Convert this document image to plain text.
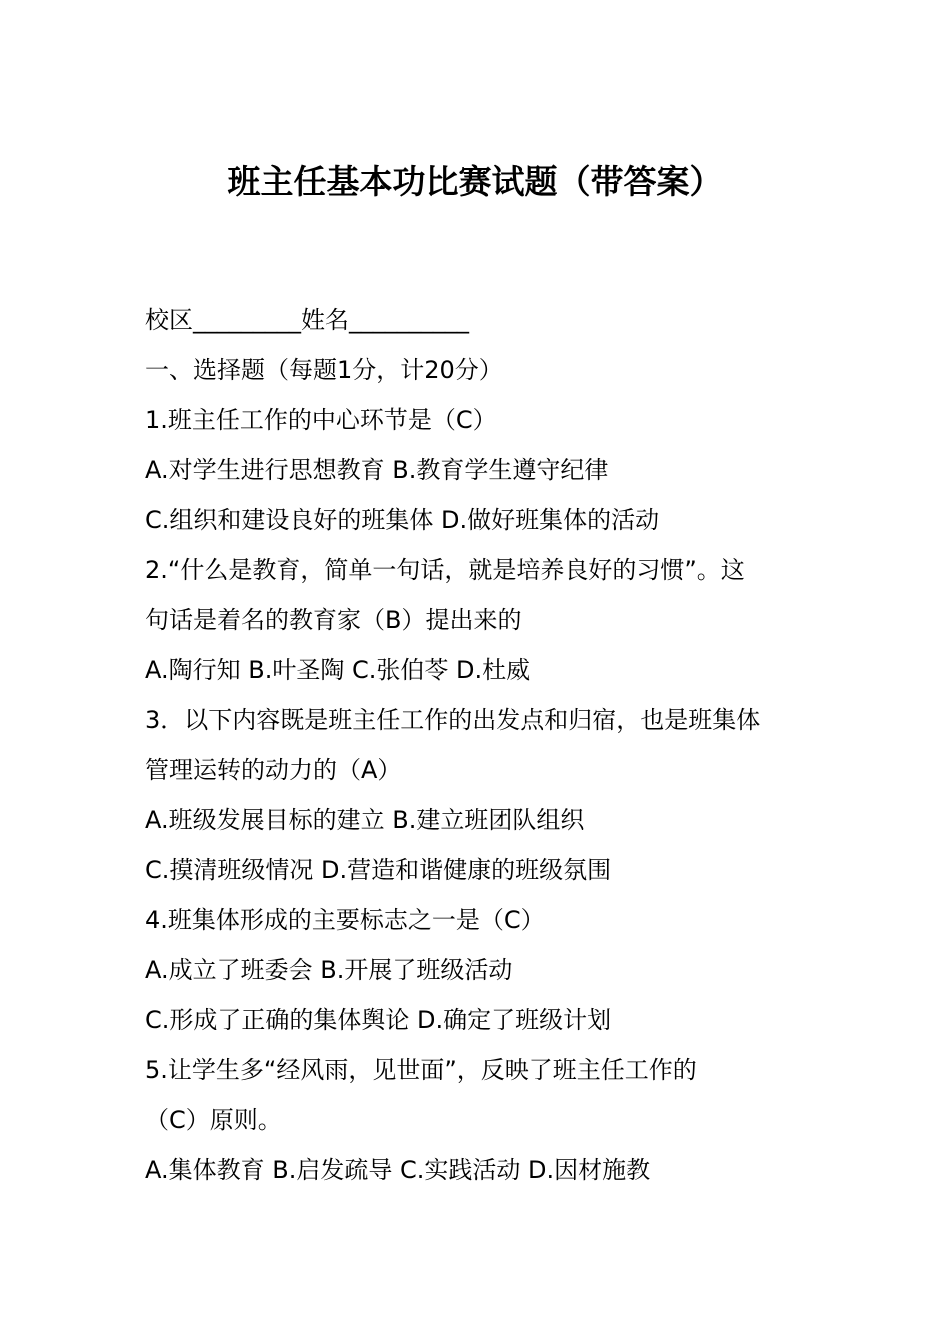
班主任基本功比赛试题（带答案）
校区_________姓名__________
一、选择题（每题1分，计20分）
1.班主任工作的中心环节是（C）
A.对学生进行思想教育 B.教育学生遵守纪律
C.组织和建设良好的班集体 D.做好班集体的活动
2.“什么是教育，简单一句话，就是培养良好的习惯”。这
句话是着名的教育家（B）提出来的
A.陶行知 B.叶圣陶 C.张伯苓 D.杜威
3．以下内容既是班主任工作的出发点和归宿，也是班集体
管理运转的动力的（A）
A.班级发展目标的建立 B.建立班团队组织
C.摸清班级情况 D.营造和谐健康的班级氛围
4.班集体形成的主要标志之一是（C）
A.成立了班委会 B.开展了班级活动
C.形成了正确的集体舆论 D.确定了班级计划
5.让学生多“经风雨，见世面”，反映了班主任工作的
（C）原则。
A.集体教育 B.启发疏导 C.实践活动 D.因材施教
